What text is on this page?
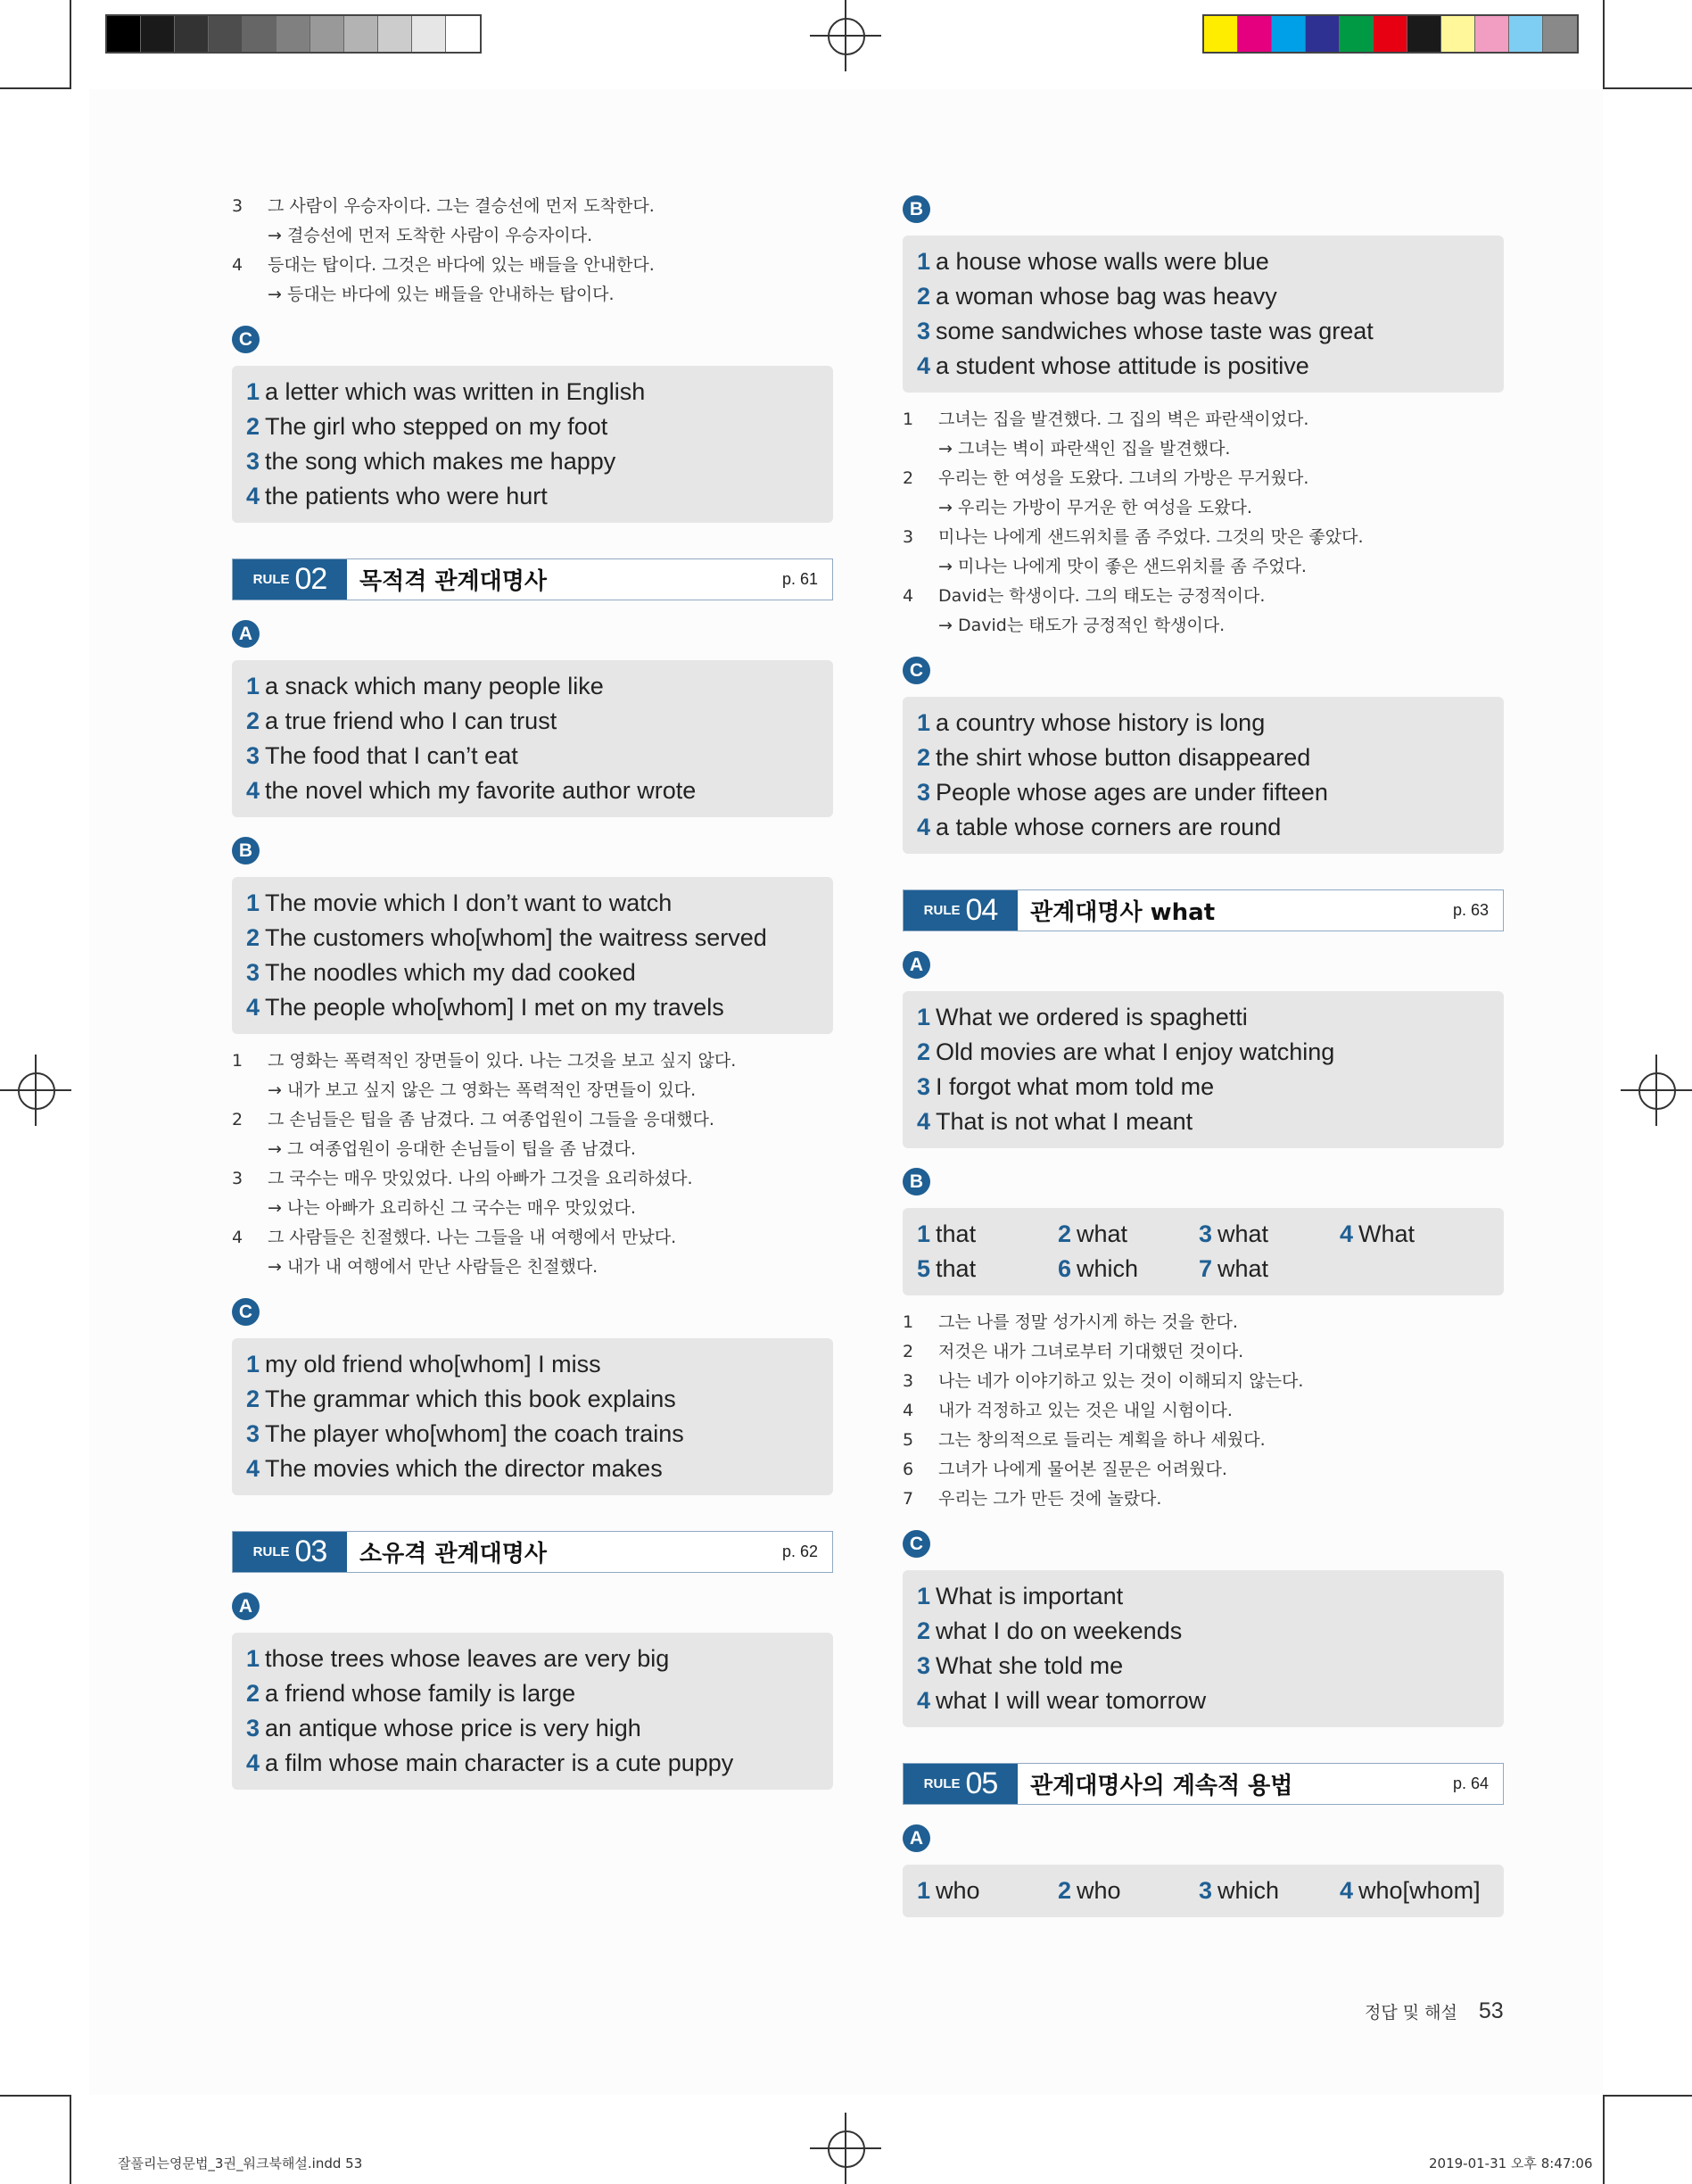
3 그 사람이 우승자이다. 그는 결승선에 먼저 도착한다.
→ 결승선에 먼저 도착한 사람이 우승자이다.
4 등대는 탑이다. 그것은 바다에 있는 배들을 안내한다.
→ 등대는 바다에 있는 배들을 안내하는 탑이다.
C
1 a letter which was written in English
2 The girl who stepped on my foot
3 the song which makes me happy
4 the patients who were hurt
RULE 02	목적격 관계대명사	p. 61
A
1 a snack which many people like
2 a true friend who I can trust
3 The food that I can’t eat
4 the novel which my favorite author wrote
B
1 The movie which I don’t want to watch
2 The customers who[whom] the waitress served
3 The noodles which my dad cooked
4 The people who[whom] I met on my travels
1 그 영화는 폭력적인 장면들이 있다. 나는 그것을 보고 싶지 않다.
→ 내가 보고 싶지 않은 그 영화는 폭력적인 장면들이 있다.
2 그 손님들은 팁을 좀 남겼다. 그 여종업원이 그들을 응대했다.
→ 그 여종업원이 응대한 손님들이 팁을 좀 남겼다.
3 그 국수는 매우 맛있었다. 나의 아빠가 그것을 요리하셨다.
→ 나는 아빠가 요리하신 그 국수는 매우 맛있었다.
4 그 사람들은 친절했다. 나는 그들을 내 여행에서 만났다.
→ 내가 내 여행에서 만난 사람들은 친절했다.
C
1 my old friend who[whom] I miss
2 The grammar which this book explains
3 The player who[whom] the coach trains
4 The movies which the director makes
RULE 03	소유격 관계대명사	p. 62
A
1 those trees whose leaves are very big
2 a friend whose family is large
3 an antique whose price is very high
4 a film whose main character is a cute puppy
B
1 a house whose walls were blue
2 a woman whose bag was heavy
3 some sandwiches whose taste was great
4 a student whose attitude is positive
1 그녀는 집을 발견했다. 그 집의 벽은 파란색이었다.
→ 그녀는 벽이 파란색인 집을 발견했다.
2 우리는 한 여성을 도왔다. 그녀의 가방은 무거웠다.
→ 우리는 가방이 무거운 한 여성을 도왔다.
3 미나는 나에게 샌드위치를 좀 주었다. 그것의 맛은 좋았다.
→ 미나는 나에게 맛이 좋은 샌드위치를 좀 주었다.
4 David는 학생이다. 그의 태도는 긍정적이다.
→ David는 태도가 긍정적인 학생이다.
C
1 a country whose history is long
2 the shirt whose button disappeared
3 People whose ages are under fifteen
4 a table whose corners are round
RULE 04	관계대명사 what	p. 63
A
1 What we ordered is spaghetti
2 Old movies are what I enjoy watching
3 I forgot what mom told me
4 That is not what I meant
B
1 that	2 what	3 what	4 What
5 that	6 which	7 what
1 그는 나를 정말 성가시게 하는 것을 한다.
2 저것은 내가 그녀로부터 기대했던 것이다.
3 나는 네가 이야기하고 있는 것이 이해되지 않는다.
4 내가 걱정하고 있는 것은 내일 시험이다.
5 그는 창의적으로 들리는 계획을 하나 세웠다.
6 그녀가 나에게 물어본 질문은 어려웠다.
7 우리는 그가 만든 것에 놀랐다.
C
1 What is important
2 what I do on weekends
3 What she told me
4 what I will wear tomorrow
RULE 05	관계대명사의 계속적 용법	p. 64
A
1 who	2 who	3 which	4 who[whom]
정답 및 해설 53
잘풀리는영문법_3권_워크북해설.indd 53	2019-01-31 오후 8:47:06
